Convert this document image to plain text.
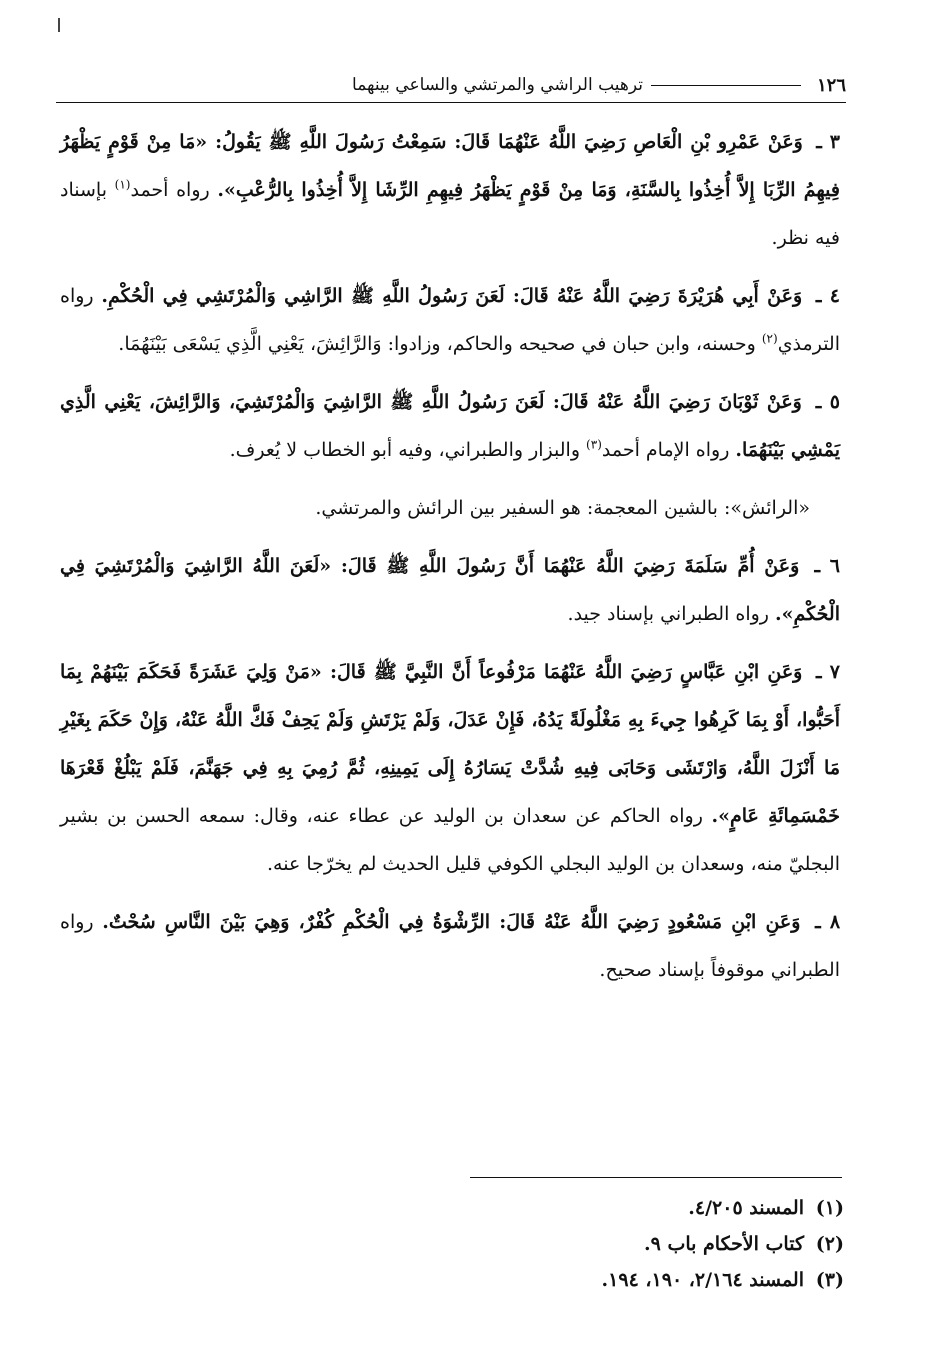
١٢٦
ترهيب الراشي والمرتشي والساعي بينهما

٣ ـ وَعَنْ عَمْرِو بْنِ الْعَاصِ رَضِيَ اللَّهُ عَنْهُمَا قَالَ: سَمِعْتُ رَسُولَ اللَّهِ ﷺ يَقُولُ: «مَا مِنْ قَوْمٍ يَظْهَرُ فِيهِمُ الرِّبَا إِلاَّ أُخِذُوا بِالسَّنَةِ، وَمَا مِنْ قَوْمٍ يَظْهَرُ فِيهِمِ الرِّشَا إِلاَّ أُخِذُوا بِالرُّعْبِ». رواه أحمد$^{(١)}$ بإسناد فيه نظر.

٤ ـ وَعَنْ أَبِي هُرَيْرَةَ رَضِيَ اللَّهُ عَنْهُ قَالَ: لَعَنَ رَسُولُ اللَّهِ ﷺ الرَّاشِي وَالْمُرْتَشِي فِي الْحُكْمِ. رواه الترمذي$^{(٢)}$ وحسنه، وابن حبان في صحيحه والحاكم، وزادوا: وَالرَّائِشَ، يَعْنِي الَّذِي يَسْعَى بَيْنَهُمَا.

٥ ـ وَعَنْ ثَوْبَانَ رَضِيَ اللَّهُ عَنْهُ قَالَ: لَعَنَ رَسُولُ اللَّهِ ﷺ الرَّاشِيَ وَالْمُرْتَشِيَ، وَالرَّائِشَ، يَعْنِي الَّذِي يَمْشِي بَيْنَهُمَا. رواه الإمام أحمد$^{(٣)}$ والبزار والطبراني، وفيه أبو الخطاب لا يُعرف.

«الرائش»: بالشين المعجمة: هو السفير بين الرائش والمرتشي.

٦ ـ وَعَنْ أُمِّ سَلَمَةَ رَضِيَ اللَّهُ عَنْهُمَا أَنَّ رَسُولَ اللَّهِ ﷺ قَالَ: «لَعَنَ اللَّهُ الرَّاشِيَ وَالْمُرْتَشِيَ فِي الْحُكْمِ». رواه الطبراني بإسناد جيد.

٧ ـ وَعَنِ ابْنِ عَبَّاسٍ رَضِيَ اللَّهُ عَنْهُمَا مَرْفُوعاً أَنَّ النَّبِيَّ ﷺ قَالَ: «مَنْ وَلِيَ عَشَرَةً فَحَكَمَ بَيْنَهُمْ بِمَا أَحَبُّوا، أَوْ بِمَا كَرِهُوا جِيءَ بِهِ مَغْلُولَةً يَدُهُ، فَإِنْ عَدَلَ، وَلَمْ يَرْتَشِ وَلَمْ يَحِفْ فَكَّ اللَّهُ عَنْهُ، وَإِنْ حَكَمَ بِغَيْرِ مَا أَنْزَلَ اللَّهُ، وَارْتَشَى وَحَابَى فِيهِ شُدَّتْ يَسَارُهُ إِلَى يَمِينِهِ، ثُمَّ رُمِيَ بِهِ فِي جَهَنَّمَ، فَلَمْ يَبْلُغْ قَعْرَهَا خَمْسَمِائَةِ عَامٍ». رواه الحاكم عن سعدان بن الوليد عن عطاء عنه، وقال: سمعه الحسن بن بشير البجليّ منه، وسعدان بن الوليد البجلي الكوفي قليل الحديث لم يخرّجا عنه.

٨ ـ وَعَنِ ابْنِ مَسْعُودٍ رَضِيَ اللَّهُ عَنْهُ قَالَ: الرِّشْوَةُ فِي الْحُكْمِ كُفْرٌ، وَهِيَ بَيْنَ النَّاسِ سُحْتٌ. رواه الطبراني موقوفاً بإسناد صحيح.

(١)
المسند ٤/٢٠٥.
(٢)
كتاب الأحكام باب ٩.
(٣)
المسند ٢/١٦٤، ١٩٠، ١٩٤.
